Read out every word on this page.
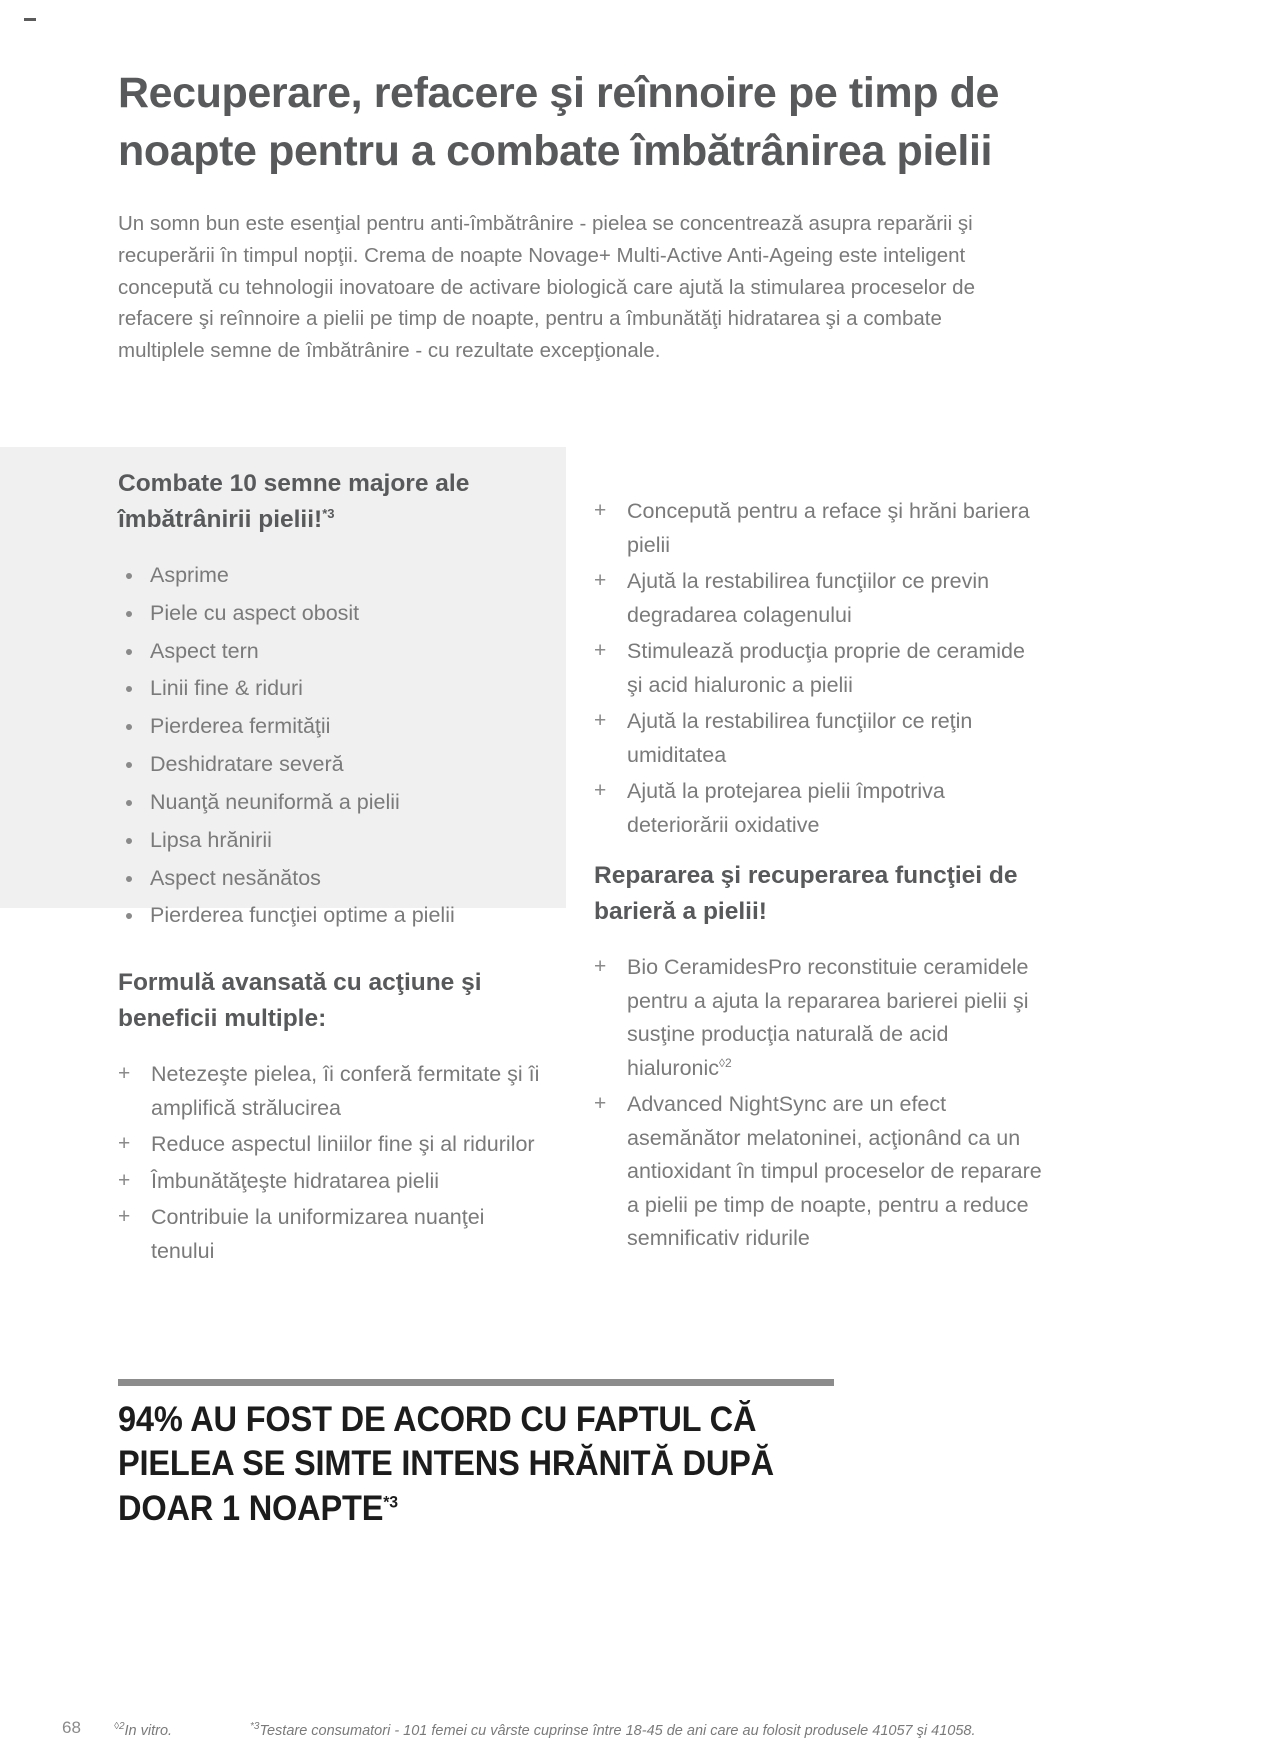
Recuperare, refacere şi reînnoire pe timp de noapte pentru a combate îmbătrânirea pielii

Un somn bun este esenţial pentru anti-îmbătrânire - pielea se concentrează asupra reparării şi recuperării în timpul nopţii. Crema de noapte Novage+ Multi-Active Anti-Ageing este inteligent concepută cu tehnologii inovatoare de activare biologică care ajută la stimularea proceselor de refacere şi reînnoire a pielii pe timp de noapte, pentru a îmbunătăţi hidratarea şi a combate multiplele semne de îmbătrânire - cu rezultate excepţionale.

Combate 10 semne majore ale îmbătrânirii pielii!$^{*3}$
Asprime
Piele cu aspect obosit
Aspect tern
Linii fine & riduri
Pierderea fermităţii
Deshidratare severă
Nuanţă neuniformă a pielii
Lipsa hrănirii
Aspect nesănătos
Pierderea funcţiei optime a pielii
Formulă avansată cu acţiune şi beneficii multiple:
+ Netezeşte pielea, îi conferă fermitate şi îi amplifică strălucirea
+ Reduce aspectul liniilor fine şi al ridurilor
+ Îmbunătăţeşte hidratarea pielii
+ Contribuie la uniformizarea nuanţei tenului
+ Concepută pentru a reface şi hrăni bariera pielii
+ Ajută la restabilirea funcţiilor ce previn degradarea colagenului
+ Stimulează producţia proprie de ceramide şi acid hialuronic a pielii
+ Ajută la restabilirea funcţiilor ce reţin umiditatea
+ Ajută la protejarea pielii împotriva deteriorării oxidative
Repararea şi recuperarea funcţiei de barieră a pielii!
+ Bio CeramidesPro reconstituie ceramidele pentru a ajuta la repararea barierei pielii şi susţine producţia naturală de acid hialuronic$^{◊2}$
+ Advanced NightSync are un efect asemănător melatoninei, acţionând ca un antioxidant în timpul proceselor de reparare a pielii pe timp de noapte, pentru a reduce semnificativ ridurile
94% AU FOST DE ACORD CU FAPTUL CĂ PIELEA SE SIMTE INTENS HRĂNITĂ DUPĂ DOAR 1 NOAPTE$^{*3}$
68	$^{◊2}$In vitro.	$^{*3}$Testare consumatori - 101 femei cu vârste cuprinse între 18-45 de ani care au folosit produsele 41057 şi 41058.
